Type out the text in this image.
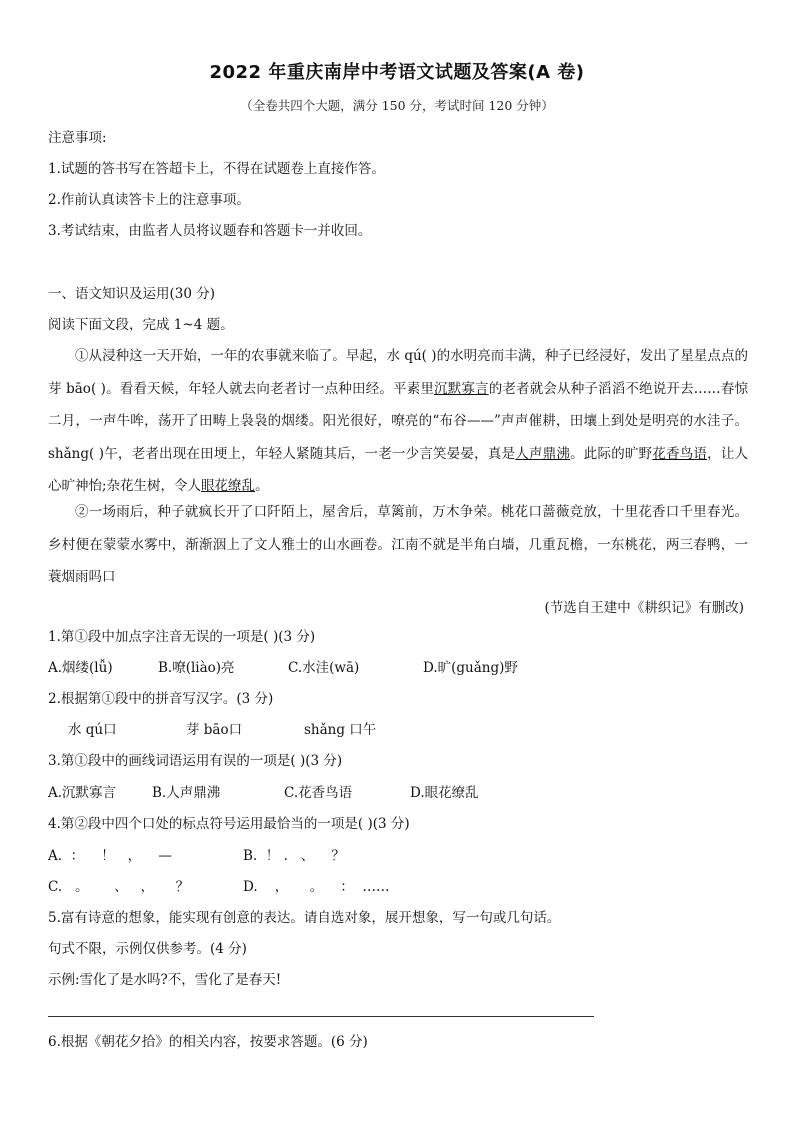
2022 年重庆南岸中考语文试题及答案(A 卷)
（全卷共四个大题，满分 150 分，考试时间 120 分钟）
注意事项:
1.试题的答书写在答超卡上，不得在试题卷上直接作答。
2.作前认真读答卡上的注意事项。
3.考试结束，由监者人员将议题春和答题卡一并收回。
一、语文知识及运用(30 分)
阅读下面文段，完成 1~4 题。
①从浸种这一天开始，一年的农事就来临了。早起，水 qú( )的水明亮而丰满，种子已经浸好，发出了星星点点的芽 bāo( )。看看天候，年轻人就去向老者讨一点种田经。平素里沉默寡言的老者就会从种子滔滔不绝说开去……春惊二月，一声牛哞，荡开了田畴上袅袅的烟缕。阳光很好，嘹亮的“布谷——”声声催耕，田壤上到处是明亮的水洼子。shǎng( )午，老者出现在田埂上，年轻人紧随其后，一老一少言笑晏晏，真是人声鼎沸。此际的旷野花香鸟语，让人心旷神怡;杂花生树，令人眼花缭乱。
②一场雨后，种子就疯长开了口阡陌上，屋舍后，草篱前，万木争荣。桃花口蔷薇竞放，十里花香口千里春光。乡村便在蒙蒙水雾中，渐渐洇上了文人雅士的山水画卷。江南不就是半角白墙，几重瓦檐，一东桃花，两三春鸭，一蓑烟雨吗口
(节选自王建中《耕织记》有删改)
1.第①段中加点字注音无误的一项是( )(3 分)
A.烟缕(lǚ)	B.嘹(liào)亮	C.水洼(wā)	D.旷(guǎng)野
2.根据第①段中的拼音写汉字。(3 分)
水 qú口	芽 bāo口	shǎng 口午
3.第①段中的画线词语运用有误的一项是( )(3 分)
A.沉默寡言	B.人声鼎沸	C.花香鸟语	D.眼花缭乱
4.第②段中四个口处的标点符号运用最恰当的一项是( )(3 分)
A.  ：    ！   ，    —	B.  ！ .   、    ？
C.   。      、   ，     ？	D.    ，     。    ：  ……
5.富有诗意的想象，能实现有创意的表达。请自选对象，展开想象，写一句或几句话。
句式不限，示例仅供参考。(4 分)
示例:雪化了是水吗?不，雪化了是春天!
6.根据《朝花夕拾》的相关内容，按要求答题。(6 分)
